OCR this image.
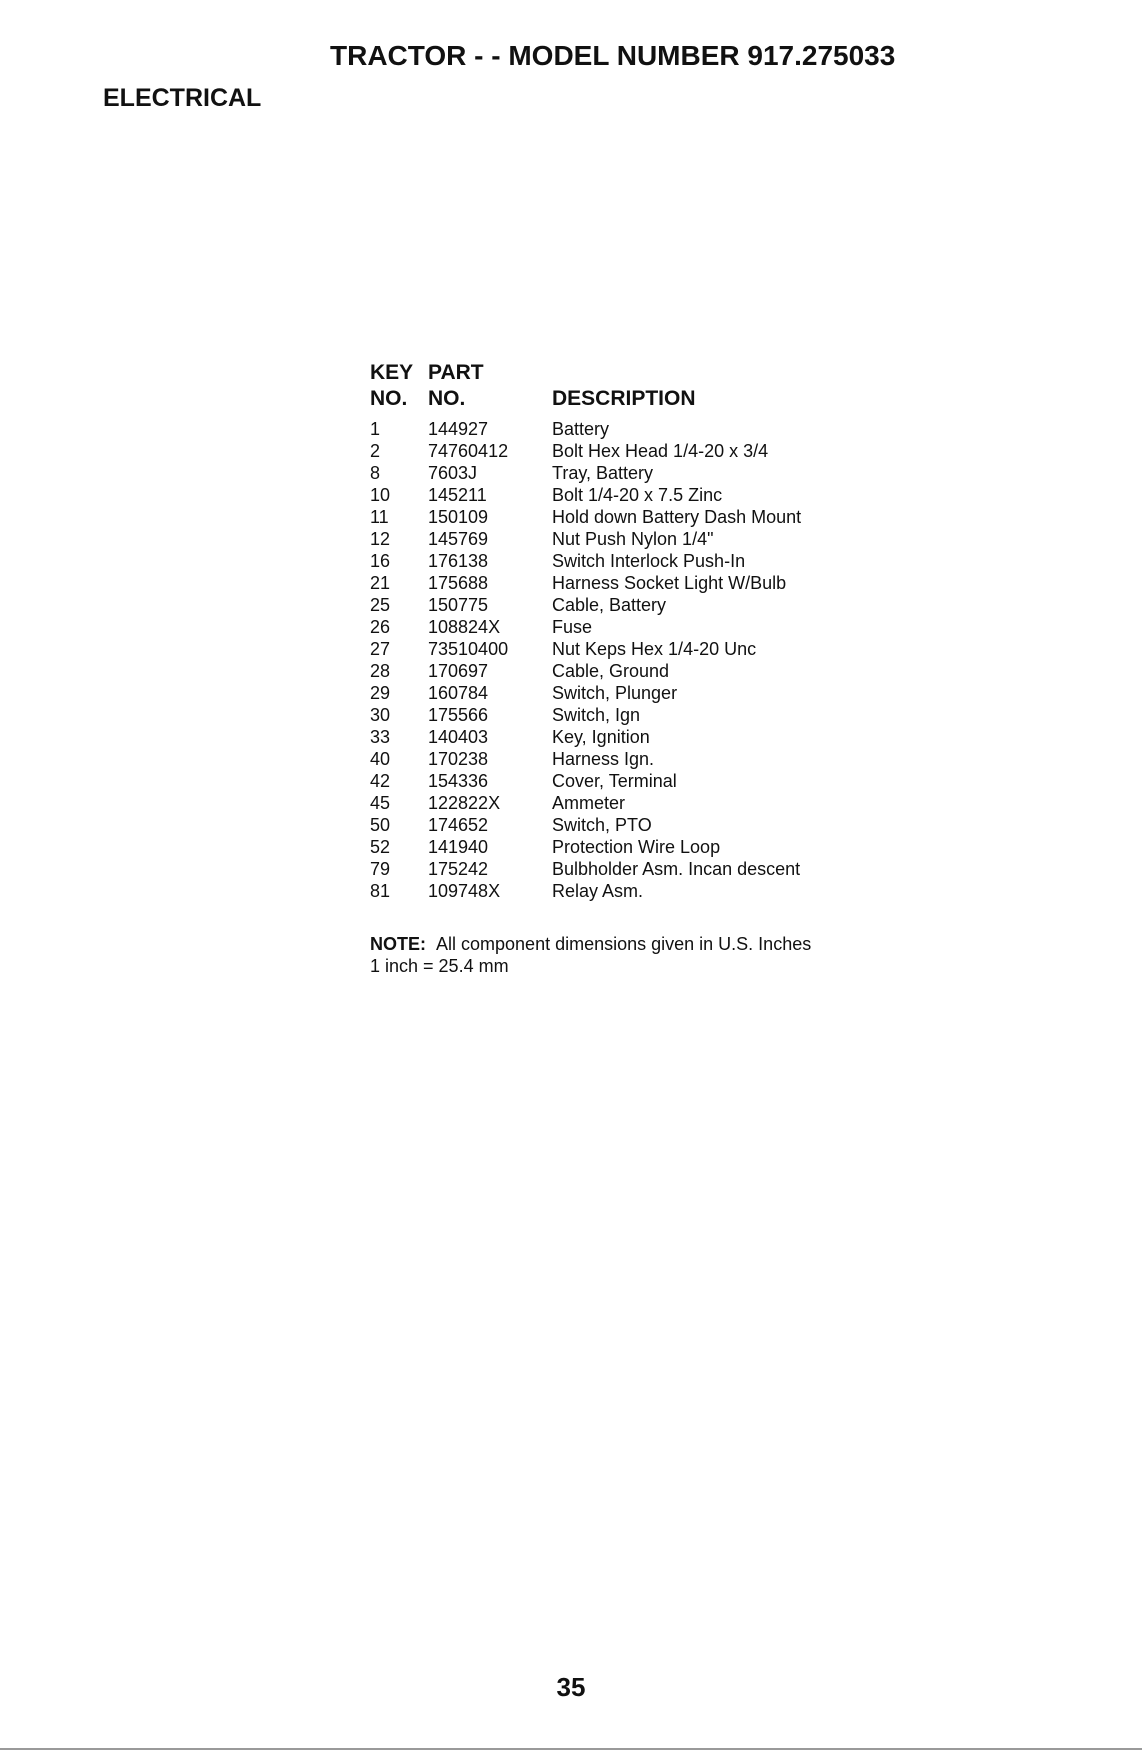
TRACTOR - - MODEL NUMBER 917.275033
ELECTRICAL
KEY	PART	
NO.	NO.	DESCRIPTION

1	144927	Battery
2	74760412	Bolt Hex Head 1/4-20 x 3/4
8	7603J	Tray, Battery
10	145211	Bolt 1/4-20 x 7.5 Zinc
11	150109	Hold down Battery Dash Mount
12	145769	Nut Push Nylon 1/4"
16	176138	Switch Interlock Push-In
21	175688	Harness Socket Light W/Bulb
25	150775	Cable, Battery
26	108824X	Fuse
27	73510400	Nut Keps Hex 1/4-20 Unc
28	170697	Cable, Ground
29	160784	Switch, Plunger
30	175566	Switch, Ign
33	140403	Key, Ignition
40	170238	Harness Ign.
42	154336	Cover, Terminal
45	122822X	Ammeter
50	174652	Switch, PTO
52	141940	Protection Wire Loop
79	175242	Bulbholder Asm. Incan descent
81	109748X	Relay Asm.
NOTE: All component dimensions given in U.S. Inches
1 inch = 25.4 mm
35
